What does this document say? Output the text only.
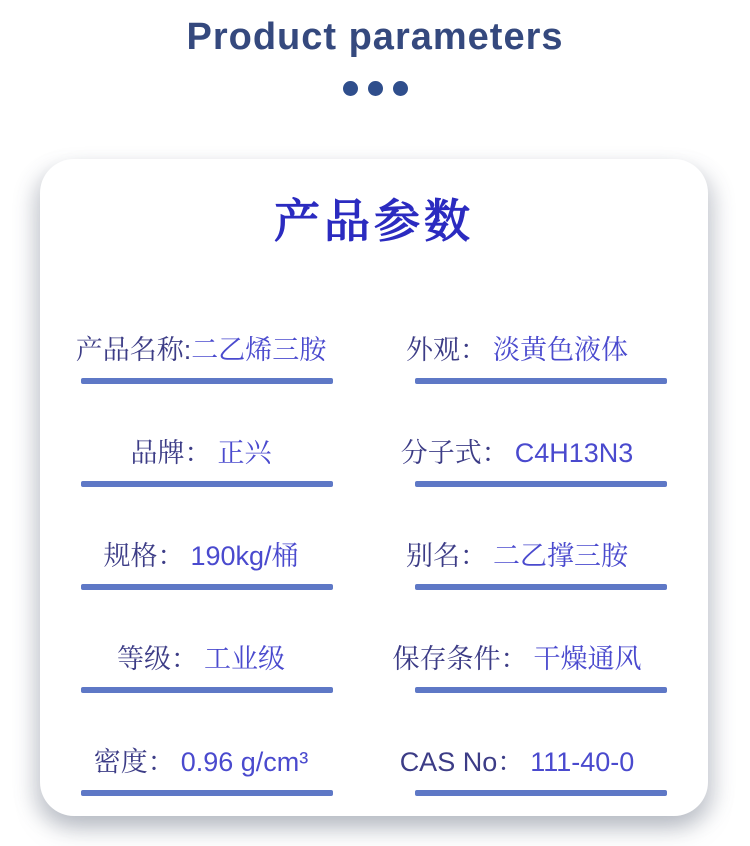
Product parameters
产品参数
产品名称:二乙烯三胺	外观： 淡黄色液体
品牌： 正兴	分子式： C4H13N3
规格： 190kg/桶	别名： 二乙撑三胺
等级： 工业级	保存条件： 干燥通风
密度： 0.96 g/cm³	CAS No： 111-40-0
